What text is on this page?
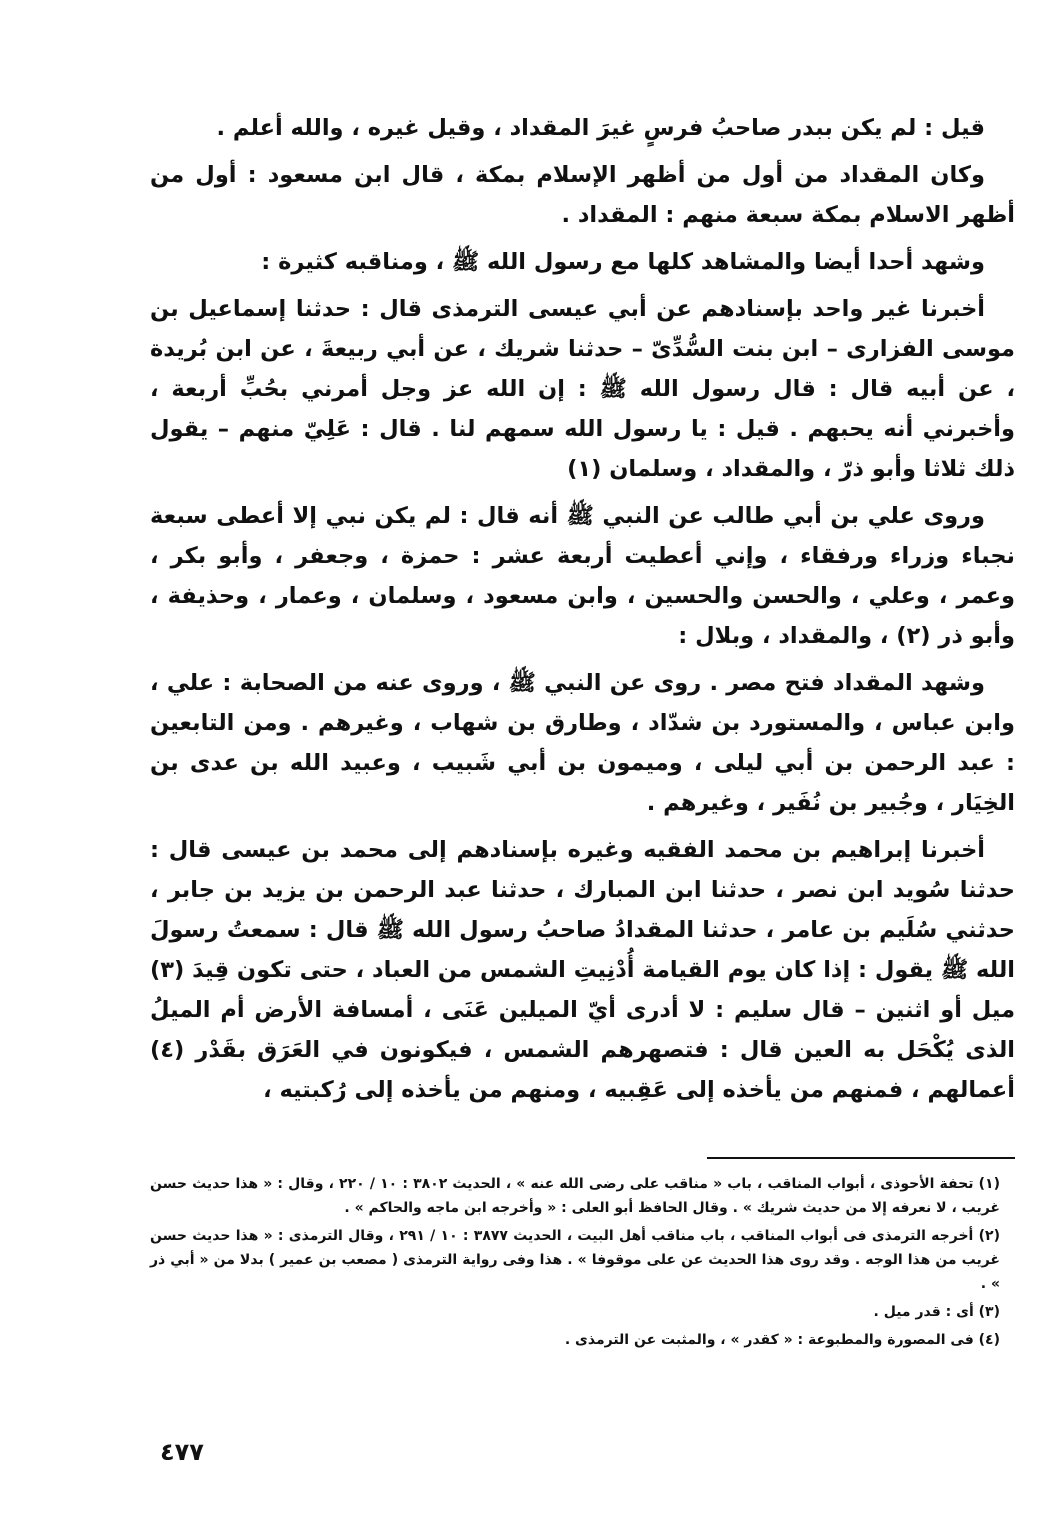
قيل : لم يكن ببدر صاحبُ فرسٍ غيرَ المقداد ، وقيل غيره ، والله أعلم .

وكان المقداد من أول من أظهر الإسلام بمكة ، قال ابن مسعود : أول من أظهر الاسلام بمكة سبعة منهم : المقداد .

وشهد أحدا أيضا والمشاهد كلها مع رسول الله ﷺ ، ومناقبه كثيرة :

أخبرنا غير واحد بإسنادهم عن أبي عيسى الترمذى قال : حدثنا إسماعيل بن موسى الفزارى – ابن بنت السُّدِّىّ – حدثنا شريك ، عن أبي ربيعةَ ، عن ابن بُريدة ، عن أبيه قال : قال رسول الله ﷺ : إن الله عز وجل أمرني بحُبِّ أربعة ، وأخبرني أنه يحبهم . قيل : يا رسول الله سمهم لنا . قال : عَلِيّ منهم – يقول ذلك ثلاثا وأبو ذرّ ، والمقداد ، وسلمان (١)

وروى علي بن أبي طالب عن النبي ﷺ أنه قال : لم يكن نبي إلا أعطى سبعة نجباء وزراء ورفقاء ، وإني أعطيت أربعة عشر : حمزة ، وجعفر ، وأبو بكر ، وعمر ، وعلي ، والحسن والحسين ، وابن مسعود ، وسلمان ، وعمار ، وحذيفة ، وأبو ذر (٢) ، والمقداد ، وبلال :

وشهد المقداد فتح مصر . روى عن النبي ﷺ ، وروى عنه من الصحابة : علي ، وابن عباس ، والمستورد بن شدّاد ، وطارق بن شهاب ، وغيرهم . ومن التابعين : عبد الرحمن بن أبي ليلى ، وميمون بن أبي شَبيب ، وعبيد الله بن عدى بن الخِيَار ، وجُبير بن نُفَير ، وغيرهم .

أخبرنا إبراهيم بن محمد الفقيه وغيره بإسنادهم إلى محمد بن عيسى قال : حدثنا سُويد ابن نصر ، حدثنا ابن المبارك ، حدثنا عبد الرحمن بن يزيد بن جابر ، حدثني سُلَيم بن عامر ، حدثنا المقدادُ صاحبُ رسول الله ﷺ قال : سمعتُ رسولَ الله ﷺ يقول : إذا كان يوم القيامة أُدْنِيتِ الشمس من العباد ، حتى تكون قِيدَ (٣) ميل أو اثنين – قال سليم : لا أدرى أيّ الميلين عَنَى ، أمسافة الأرض أم الميلُ الذى يُكْحَل به العين قال : فتصهرهم الشمس ، فيكونون في العَرَق بقَدْر (٤) أعمالهم ، فمنهم من يأخذه إلى عَقِبيه ، ومنهم من يأخذه إلى رُكبتيه ،

(١) تحفة الأحوذى ، أبواب المناقب ، باب « مناقب على رضى الله عنه » ، الحديث ٣٨٠٢ : ١٠ / ٢٢٠ ، وقال : « هذا حديث حسن غريب ، لا نعرفه إلا من حديث شريك » . وقال الحافظ أبو العلى : « وأخرجه ابن ماجه والحاكم » .

(٢) أخرجه الترمذى فى أبواب المناقب ، باب مناقب أهل البيت ، الحديث ٣٨٧٧ : ١٠ / ٢٩١ ، وقال الترمذى : « هذا حديث حسن غريب من هذا الوجه . وقد روى هذا الحديث عن على موقوفا » . هذا وفى رواية الترمذى ( مصعب بن عمير ) بدلا من « أبي ذر » .

(٣) أى : قدر ميل .

(٤) فى المصورة والمطبوعة : « كقدر » ، والمثبت عن الترمذى .

٤٧٧
